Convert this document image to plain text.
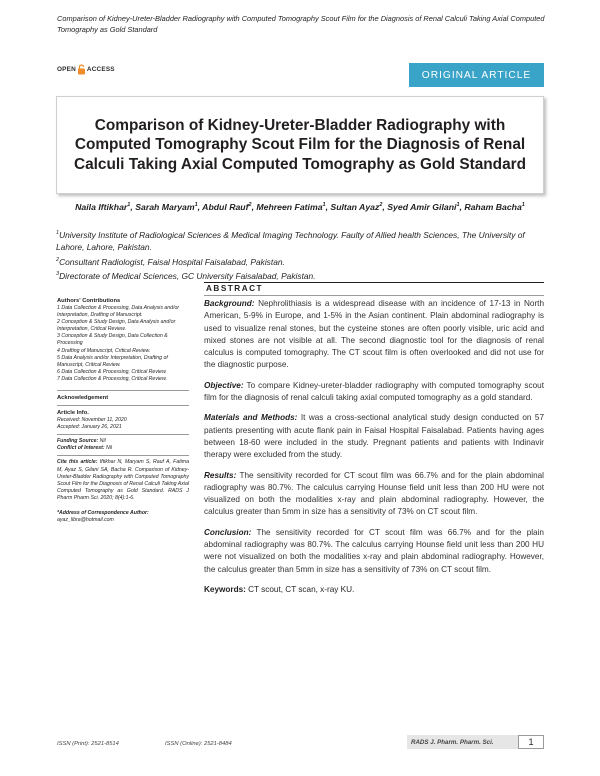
Comparison of Kidney-Ureter-Bladder Radiography with Computed Tomography Scout Film for the Diagnosis of Renal Calculi Taking Axial Computed Tomography as Gold Standard
OPEN ACCESS	ORIGINAL ARTICLE
Comparison of Kidney-Ureter-Bladder Radiography with Computed Tomography Scout Film for the Diagnosis of Renal Calculi Taking Axial Computed Tomography as Gold Standard
Naila Iftikhar$^1$, Sarah Maryam$^1$, Abdul Rauf$^2$, Mehreen Fatima$^1$, Sultan Ayaz$^2$, Syed Amir Gilani$^1$, Raham Bacha$^1$
$^1$University Institute of Radiological Sciences & Medical Imaging Technology. Faulty of Allied health Sciences, The University of Lahore, Lahore, Pakistan.
$^2$Consultant Radiologist, Faisal Hospital Faisalabad, Pakistan.
$^3$Directorate of Medical Sciences, GC University Faisalabad, Pakistan.
Authors' Contributions
1 Data Collection & Processing, Data Analysis and/or Interpretation, Drafting of Manuscript.
2 Conception & Study Design, Data Analysis and/or Interpretation, Critical Review.
3 Conception & Study Design, Data Collection & Processing
4 Drafting of Manuscript, Critical Review.
5 Data Analysis and/or Interpretation, Drafting of Manuscript, Critical Review.
6 Data Collection & Processing, Critical Review.
7 Data Collection & Processing, Critical Review.
Acknowledgement
Article Info.
Received: November 11, 2020
Accepted: January 26, 2021
Funding Source: Nil
Conflict of Interest: Nil
Cite this article: Iftikhar N, Maryam S, Rauf A, Fatima M, Ayaz S, Gilani SA, Bacha R. Comparison of Kidney-Ureter-Bladder Radiography with Computed Tomography Scout Film for the Diagnosis of Renal Calculi Taking Axial Computed Tomography as Gold Standard. RADS J Pharm Pharm Sci. 2020; 8(4):1-6.
*Address of Correspondence Author:
ayaz_libra@hotmail.com
ABSTRACT

Background: Nephrolithiasis is a widespread disease with an incidence of 17-13 in North American, 5-9% in Europe, and 1-5% in the Asian continent. Plain abdominal radiography is used to visualize renal stones, but the cysteine stones are often poorly visible, uric acid and mixed stones are not visible at all. The second diagnostic tool for the diagnosis of renal calculus is computed tomography. The CT scout film is often overlooked and did not use for the diagnostic purpose.

Objective: To compare Kidney-ureter-bladder radiography with computed tomography scout film for the diagnosis of renal calculi taking axial computed tomography as a gold standard.

Materials and Methods: It was a cross-sectional analytical study design conducted on 57 patients presenting with acute flank pain in Faisal Hospital Faisalabad. Patients having ages between 18-60 were included in the study. Pregnant patients and patients with Indinavir therapy were excluded from the study.

Results: The sensitivity recorded for CT scout film was 66.7% and for the plain abdominal radiography was 80.7%. The calculus carrying Hounse field unit less than 200 HU were not visualized on both the modalities x-ray and plain abdominal radiography. However, the calculus greater than 5mm in size has a sensitivity of 73% on CT scout film.

Conclusion: The sensitivity recorded for CT scout film was 66.7% and for the plain abdominal radiography was 80.7%. The calculus carrying Hounse field unit less than 200 HU were not visualized on both the modalities x-ray and plain abdominal radiography. However, the calculus greater than 5mm in size has a sensitivity of 73% on CT scout film.

Keywords: CT scout, CT scan, x-ray KU.
ISSN (Print): 2521-8514	ISSN (Online): 2521-8484	RADS J. Pharm. Pharm. Sci.	1
